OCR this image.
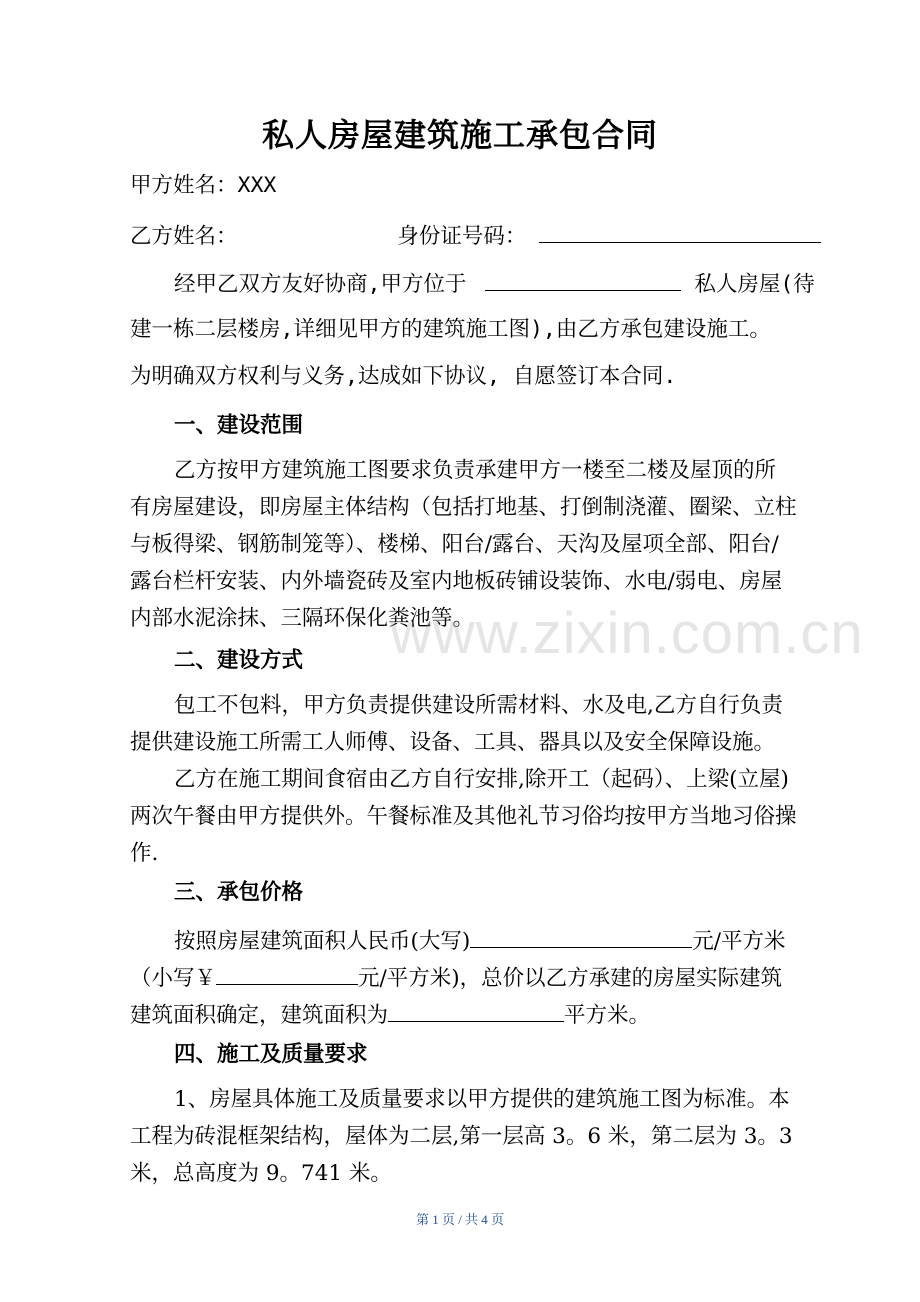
私人房屋建筑施工承包合同
甲方姓名：XXX
乙方姓名：	身份证号码：
经甲乙双方友好协商,甲方位于	私人房屋(待
建一栋二层楼房,详细见甲方的建筑施工图),由乙方承包建设施工。
为明确双方权利与义务,达成如下协议, 自愿签订本合同.
一、建设范围
乙方按甲方建筑施工图要求负责承建甲方一楼至二楼及屋顶的所
有房屋建设，即房屋主体结构（包括打地基、打倒制浇灌、圈梁、立柱
与板得梁、钢筋制笼等）、楼梯、阳台/露台、天沟及屋项全部、阳台/
露台栏杆安装、内外墙瓷砖及室内地板砖铺设装饰、水电/弱电、房屋
内部水泥涂抹、三隔环保化粪池等。
二、建设方式
包工不包料，甲方负责提供建设所需材料、水及电,乙方自行负责
提供建设施工所需工人师傅、设备、工具、器具以及安全保障设施。
乙方在施工期间食宿由乙方自行安排,除开工（起码）、上梁(立屋)
两次午餐由甲方提供外。午餐标准及其他礼节习俗均按甲方当地习俗操
作.
三、承包价格
按照房屋建筑面积人民币(大写)	元/平方米
（小写￥	元/平方米)，总价以乙方承建的房屋实际建筑
建筑面积确定，建筑面积为	平方米。
四、施工及质量要求
1、房屋具体施工及质量要求以甲方提供的建筑施工图为标准。本
工程为砖混框架结构，屋体为二层,第一层高 3。6 米，第二层为 3。3
米，总高度为 9。741 米。
www.zixin.com.cn
第 1 页 / 共 4 页
